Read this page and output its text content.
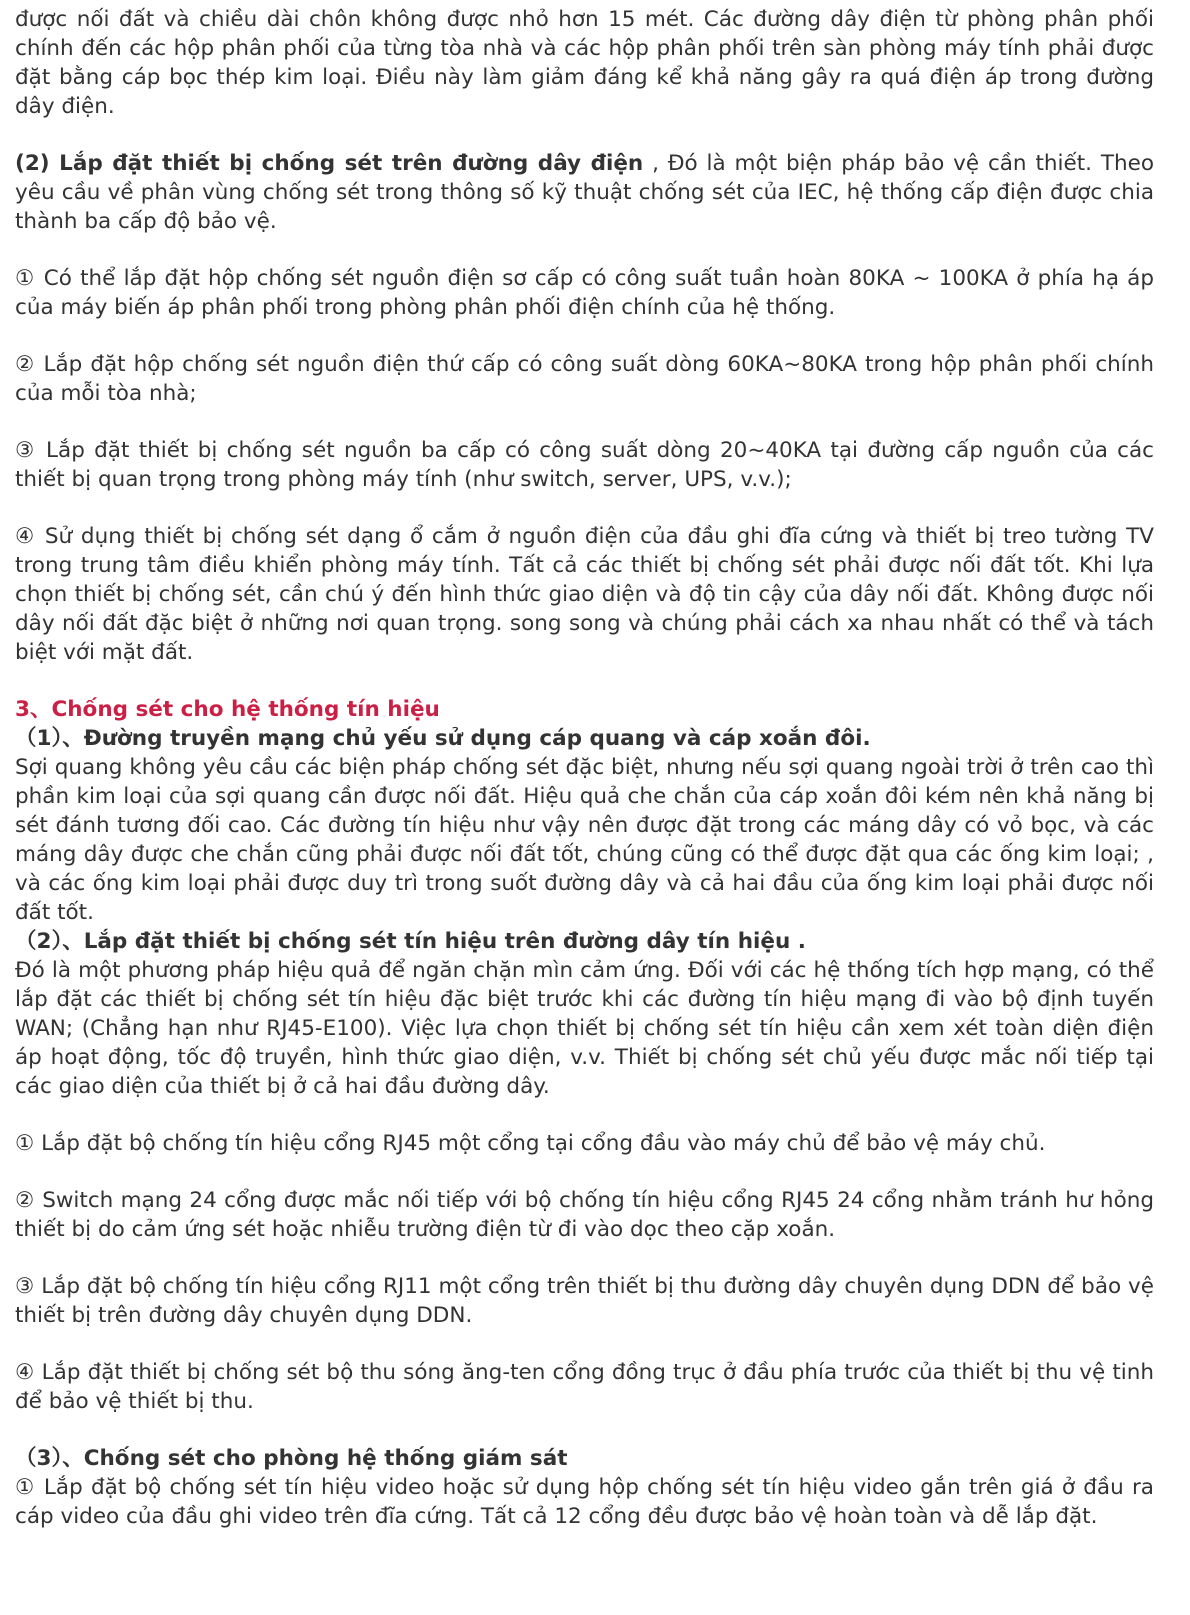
được nối đất và chiều dài chôn không được nhỏ hơn 15 mét. Các đường dây điện từ phòng phân phối chính đến các hộp phân phối của từng tòa nhà và các hộp phân phối trên sàn phòng máy tính phải được đặt bằng cáp bọc thép kim loại. Điều này làm giảm đáng kể khả năng gây ra quá điện áp trong đường dây điện.

(2) Lắp đặt thiết bị chống sét trên đường dây điện , Đó là một biện pháp bảo vệ cần thiết. Theo yêu cầu về phân vùng chống sét trong thông số kỹ thuật chống sét của IEC, hệ thống cấp điện được chia thành ba cấp độ bảo vệ.

① Có thể lắp đặt hộp chống sét nguồn điện sơ cấp có công suất tuần hoàn 80KA ~ 100KA ở phía hạ áp của máy biến áp phân phối trong phòng phân phối điện chính của hệ thống.

② Lắp đặt hộp chống sét nguồn điện thứ cấp có công suất dòng 60KA~80KA trong hộp phân phối chính của mỗi tòa nhà;

③ Lắp đặt thiết bị chống sét nguồn ba cấp có công suất dòng 20~40KA tại đường cấp nguồn của các thiết bị quan trọng trong phòng máy tính (như switch, server, UPS, v.v.);

④ Sử dụng thiết bị chống sét dạng ổ cắm ở nguồn điện của đầu ghi đĩa cứng và thiết bị treo tường TV trong trung tâm điều khiển phòng máy tính. Tất cả các thiết bị chống sét phải được nối đất tốt. Khi lựa chọn thiết bị chống sét, cần chú ý đến hình thức giao diện và độ tin cậy của dây nối đất. Không được nối dây nối đất đặc biệt ở những nơi quan trọng. song song và chúng phải cách xa nhau nhất có thể và tách biệt với mặt đất.

3、Chống sét cho hệ thống tín hiệu
（1）、Đường truyền mạng chủ yếu sử dụng cáp quang và cáp xoắn đôi.

Sợi quang không yêu cầu các biện pháp chống sét đặc biệt, nhưng nếu sợi quang ngoài trời ở trên cao thì phần kim loại của sợi quang cần được nối đất. Hiệu quả che chắn của cáp xoắn đôi kém nên khả năng bị sét đánh tương đối cao. Các đường tín hiệu như vậy nên được đặt trong các máng dây có vỏ bọc, và các máng dây được che chắn cũng phải được nối đất tốt, chúng cũng có thể được đặt qua các ống kim loại; , và các ống kim loại phải được duy trì trong suốt đường dây và cả hai đầu của ống kim loại phải được nối đất tốt.

（2）、Lắp đặt thiết bị chống sét tín hiệu trên đường dây tín hiệu .

Đó là một phương pháp hiệu quả để ngăn chặn mìn cảm ứng. Đối với các hệ thống tích hợp mạng, có thể lắp đặt các thiết bị chống sét tín hiệu đặc biệt trước khi các đường tín hiệu mạng đi vào bộ định tuyến WAN; (Chẳng hạn như RJ45-E100). Việc lựa chọn thiết bị chống sét tín hiệu cần xem xét toàn diện điện áp hoạt động, tốc độ truyền, hình thức giao diện, v.v. Thiết bị chống sét chủ yếu được mắc nối tiếp tại các giao diện của thiết bị ở cả hai đầu đường dây.

① Lắp đặt bộ chống tín hiệu cổng RJ45 một cổng tại cổng đầu vào máy chủ để bảo vệ máy chủ.

② Switch mạng 24 cổng được mắc nối tiếp với bộ chống tín hiệu cổng RJ45 24 cổng nhằm tránh hư hỏng thiết bị do cảm ứng sét hoặc nhiễu trường điện từ đi vào dọc theo cặp xoắn.

③ Lắp đặt bộ chống tín hiệu cổng RJ11 một cổng trên thiết bị thu đường dây chuyên dụng DDN để bảo vệ thiết bị trên đường dây chuyên dụng DDN.

④ Lắp đặt thiết bị chống sét bộ thu sóng ăng-ten cổng đồng trục ở đầu phía trước của thiết bị thu vệ tinh để bảo vệ thiết bị thu.

（3）、Chống sét cho phòng hệ thống giám sát

① Lắp đặt bộ chống sét tín hiệu video hoặc sử dụng hộp chống sét tín hiệu video gắn trên giá ở đầu ra cáp video của đầu ghi video trên đĩa cứng. Tất cả 12 cổng đều được bảo vệ hoàn toàn và dễ lắp đặt.
